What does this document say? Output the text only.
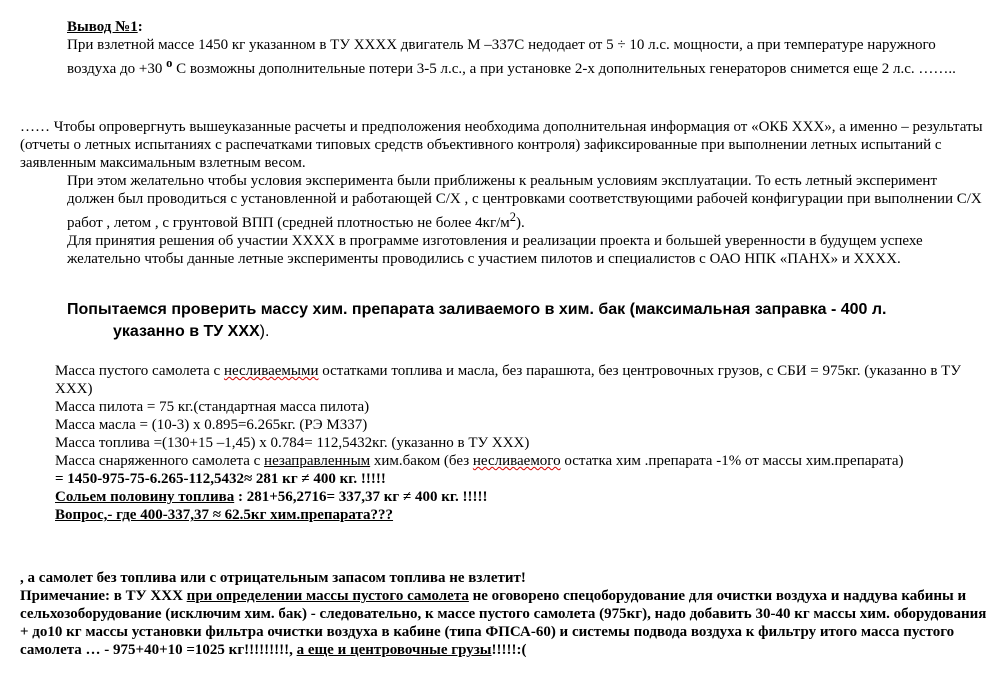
Вывод №1:

При взлетной массе 1450 кг указанном в ТУ ХХХХ двигатель М –337С недодает от 5 ÷ 10 л.с. мощности, а при температуре наружного воздуха до +30 $^о$ С возможны дополнительные потери 3-5 л.с., а при установке 2-х дополнительных генераторов снимется еще 2 л.с. ……..

…… Чтобы опровергнуть вышеуказанные расчеты и предположения необходима дополнительная информация от «ОКБ ХХХ», а именно – результаты (отчеты о летных испытаниях с распечатками типовых средств объективного контроля) зафиксированные при выполнении летных испытаний с заявленным максимальным взлетным весом.

При этом желательно чтобы условия эксперимента были приближены к реальным условиям эксплуатации. То есть летный эксперимент должен был проводиться с установленной и работающей С/Х , с центровками соответствующими рабочей конфигурации при выполнении С/Х работ , летом , с грунтовой ВПП (средней плотностью не более $4кг/м^2$).

Для принятия решения об участии ХХХХ в программе изготовления и реализации проекта и большей уверенности в будущем успехе желательно чтобы данные летные эксперименты проводились с участием пилотов и специалистов с ОАО НПК «ПАНХ» и ХХХХ.

Попытаемся проверить массу хим. препарата заливаемого в хим. бак (максимальная заправка - 400 л.
указанно в ТУ ХХХ).

Масса пустого самолета с несливаемыми остатками топлива и масла, без парашюта, без центровочных грузов, с СБИ = 975кг. (указанно в ТУ ХХХ)

Масса пилота = 75 кг.(стандартная масса пилота)

Масса масла = (10-3) х 0.895=6.265кг. (РЭ М337)

Масса топлива =(130+15 –1,45) х 0.784= 112,5432кг. (указанно в ТУ ХХХ)

Масса снаряженного самолета с незаправленным хим.баком (без несливаемого остатка хим .препарата -1% от массы хим.препарата)

= 1450-975-75-6.265-112,5432≈ 281 кг ≠ 400 кг. !!!!!

Сольем половину топлива : 281+56,2716= 337,37 кг ≠ 400 кг. !!!!!

Вопрос,- где 400-337,37 ≈ 62.5кг хим.препарата???

, а самолет без топлива или с отрицательным запасом топлива не взлетит!

Примечание: в ТУ ХХХ при определении массы пустого самолета не оговорено спецоборудование для очистки воздуха и наддува кабины и сельхозоборудование (исключим хим. бак) - следовательно, к массе пустого самолета (975кг), надо добавить 30-40 кг массы хим. оборудования + до10 кг массы установки фильтра очистки воздуха в кабине (типа ФПСА-60) и системы подвода воздуха к фильтру итого масса пустого самолета … - 975+40+10 =1025 кг!!!!!!!!!, а еще и центровочные грузы!!!!!:(
